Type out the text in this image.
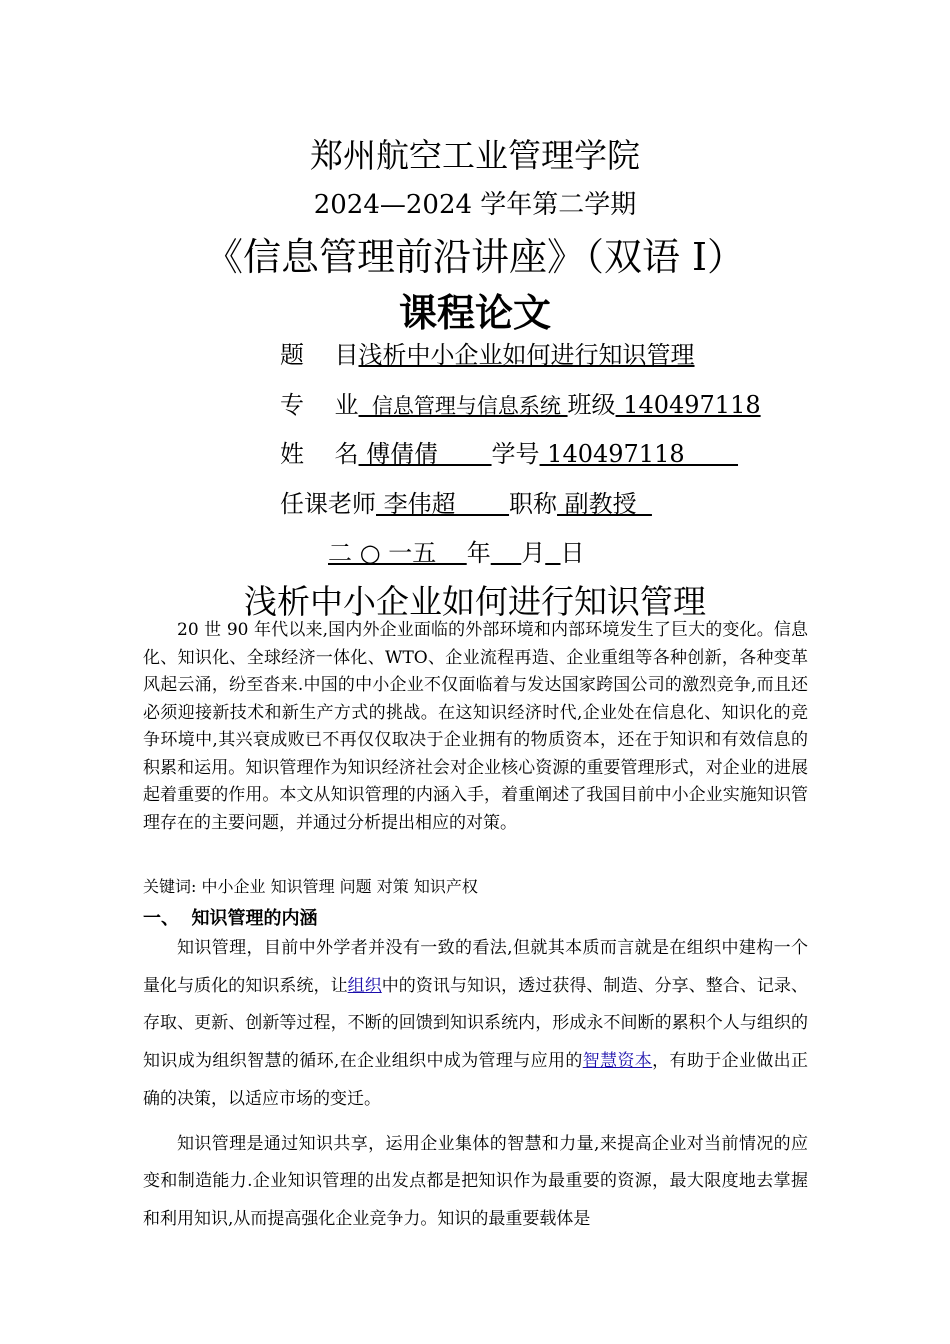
郑州航空工业管理学院
2024—2024 学年第二学期
《信息管理前沿讲座》（双语 I）
课程论文
题    目浅析中小企业如何进行知识管理
专    业  信息管理与信息系统 班级 140497118
姓    名 傅倩倩       学号 140497118
任课老师 李伟超       职称 副教授
二 ○ 一五    年 月 日
浅析中小企业如何进行知识管理

20 世 90 年代以来,国内外企业面临的外部环境和内部环境发生了巨大的变化。信息化、知识化、全球经济一体化、WTO、企业流程再造、企业重组等各种创新，各种变革风起云涌，纷至沓来.中国的中小企业不仅面临着与发达国家跨国公司的激烈竞争,而且还必须迎接新技术和新生产方式的挑战。在这知识经济时代,企业处在信息化、知识化的竞争环境中,其兴衰成败已不再仅仅取决于企业拥有的物质资本，还在于知识和有效信息的积累和运用。知识管理作为知识经济社会对企业核心资源的重要管理形式，对企业的进展起着重要的作用。本文从知识管理的内涵入手，着重阐述了我国目前中小企业实施知识管理存在的主要问题，并通过分析提出相应的对策。

关键词: 中小企业 知识管理 问题 对策 知识产权
一、  知识管理的内涵

知识管理，目前中外学者并没有一致的看法,但就其本质而言就是在组织中建构一个量化与质化的知识系统，让组织中的资讯与知识，透过获得、制造、分享、整合、记录、存取、更新、创新等过程，不断的回馈到知识系统内，形成永不间断的累积个人与组织的知识成为组织智慧的循环,在企业组织中成为管理与应用的智慧资本，有助于企业做出正确的决策，以适应市场的变迁。

知识管理是通过知识共享，运用企业集体的智慧和力量,来提高企业对当前情况的应变和制造能力.企业知识管理的出发点都是把知识作为最重要的资源，最大限度地去掌握和利用知识,从而提高强化企业竞争力。知识的最重要载体是
